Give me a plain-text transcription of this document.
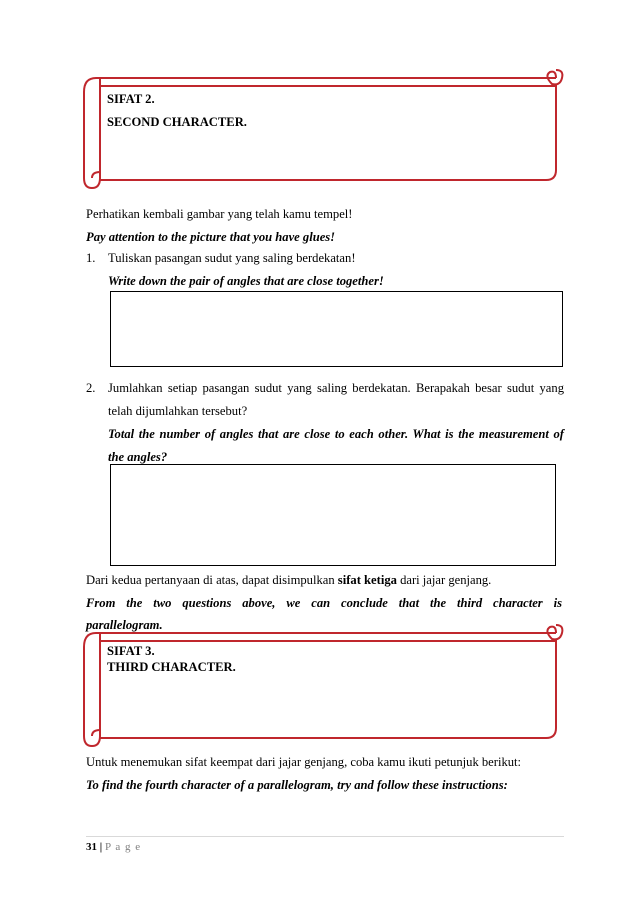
SIFAT 2.
SECOND CHARACTER.
Perhatikan kembali gambar yang telah kamu tempel!
Pay attention to the picture that you have glues!
1. Tuliskan pasangan sudut yang saling berdekatan!
Write down the pair of angles that are close together!
2. Jumlahkan setiap pasangan sudut yang saling berdekatan. Berapakah besar sudut yang
telah dijumlahkan tersebut?
Total the number of angles that are close to each other. What is the measurement of
the angles?
Dari kedua pertanyaan di atas, dapat disimpulkan sifat ketiga dari jajar genjang.
From the two questions above, we can conclude that the third character is
parallelogram.
SIFAT 3.
THIRD CHARACTER.
Untuk menemukan sifat keempat dari jajar genjang, coba kamu ikuti petunjuk berikut:
To find the fourth character of a parallelogram, try and follow these instructions:
31 | P a g e
